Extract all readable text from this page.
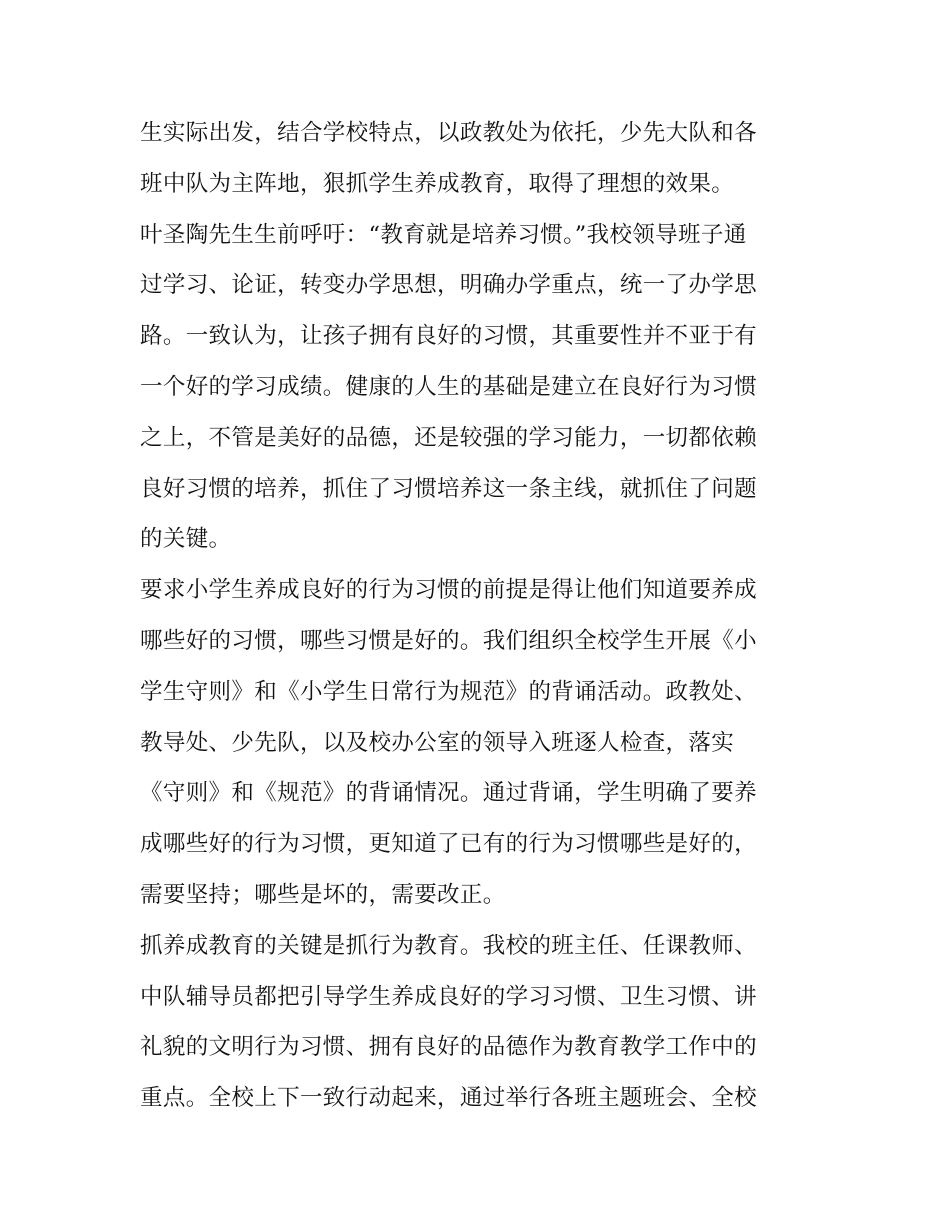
生实际出发，结合学校特点，以政教处为依托，少先大队和各
班中队为主阵地，狠抓学生养成教育，取得了理想的效果。
叶圣陶先生生前呼吁：“教育就是培养习惯。”我校领导班子通
过学习、论证，转变办学思想，明确办学重点，统一了办学思
路。一致认为，让孩子拥有良好的习惯，其重要性并不亚于有
一个好的学习成绩。健康的人生的基础是建立在良好行为习惯
之上，不管是美好的品德，还是较强的学习能力，一切都依赖
良好习惯的培养，抓住了习惯培养这一条主线，就抓住了问题
的关键。
要求小学生养成良好的行为习惯的前提是得让他们知道要养成
哪些好的习惯，哪些习惯是好的。我们组织全校学生开展《小
学生守则》和《小学生日常行为规范》的背诵活动。政教处、
教导处、少先队，以及校办公室的领导入班逐人检查，落实
《守则》和《规范》的背诵情况。通过背诵，学生明确了要养
成哪些好的行为习惯，更知道了已有的行为习惯哪些是好的，
需要坚持；哪些是坏的，需要改正。
抓养成教育的关键是抓行为教育。我校的班主任、任课教师、
中队辅导员都把引导学生养成良好的学习习惯、卫生习惯、讲
礼貌的文明行为习惯、拥有良好的品德作为教育教学工作中的
重点。全校上下一致行动起来，通过举行各班主题班会、全校
